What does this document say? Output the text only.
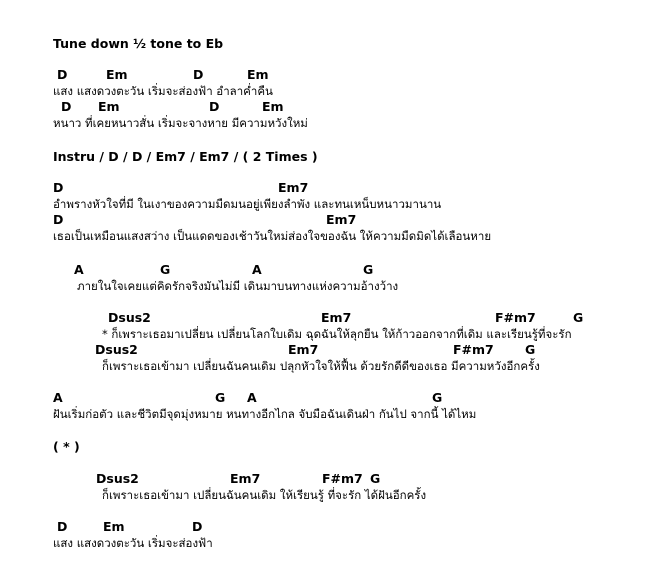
Tune down ½ tone to Eb
Instru / D / D / Em7 / Em7 / ( 2 Times )
( * )
D	Em	D	Em
แสง แสงดวงตะวัน เริ่มจะส่องฟ้า อำลาค่ำคืน
D Em	D	Em
หนาว ที่เคยหนาวสั่น เริ่มจะจางหาย มีความหวังใหม่
D	Em7
อำพรางหัวใจที่มี ในเงาของความมืดมนอยู่เพียงลำพัง และทนเหน็บหนาวมานาน
D	Em7
เธอเป็นเหมือนแสงสว่าง เป็นแดดของเช้าวันใหม่ส่องใจของฉัน ให้ความมืดมิดได้เลือนหาย
A	G	A	G
ภายในใจเคยแต่คิดรักจริงมันไม่มี เดินมาบนทางแห่งความอ้างว้าง
Dsus2	Em7	F#m7	G
* ก็เพราะเธอมาเปลี่ยน เปลี่ยนโลกใบเดิม ฉุดฉันให้ลุกยืน ให้ก้าวออกจากที่เดิม และเรียนรู้ที่จะรัก
Dsus2	Em7	F#m7	G
ก็เพราะเธอเข้ามา เปลี่ยนฉันคนเดิม ปลุกหัวใจให้ฟื้น ด้วยรักดีดีของเธอ มีความหวังอีกครั้ง
A	G A	G
ฝันเริ่มก่อตัว และชีวิตมีจุดมุ่งหมาย หนทางอีกไกล จับมือฉันเดินฝ่า กันไป จากนี้ ได้ไหม
Dsus2	Em7	F#m7 G
ก็เพราะเธอเข้ามา เปลี่ยนฉันคนเดิม ให้เรียนรู้ ที่จะรัก ได้ฝันอีกครั้ง
D	Em	D
แสง แสงดวงตะวัน เริ่มจะส่องฟ้า
